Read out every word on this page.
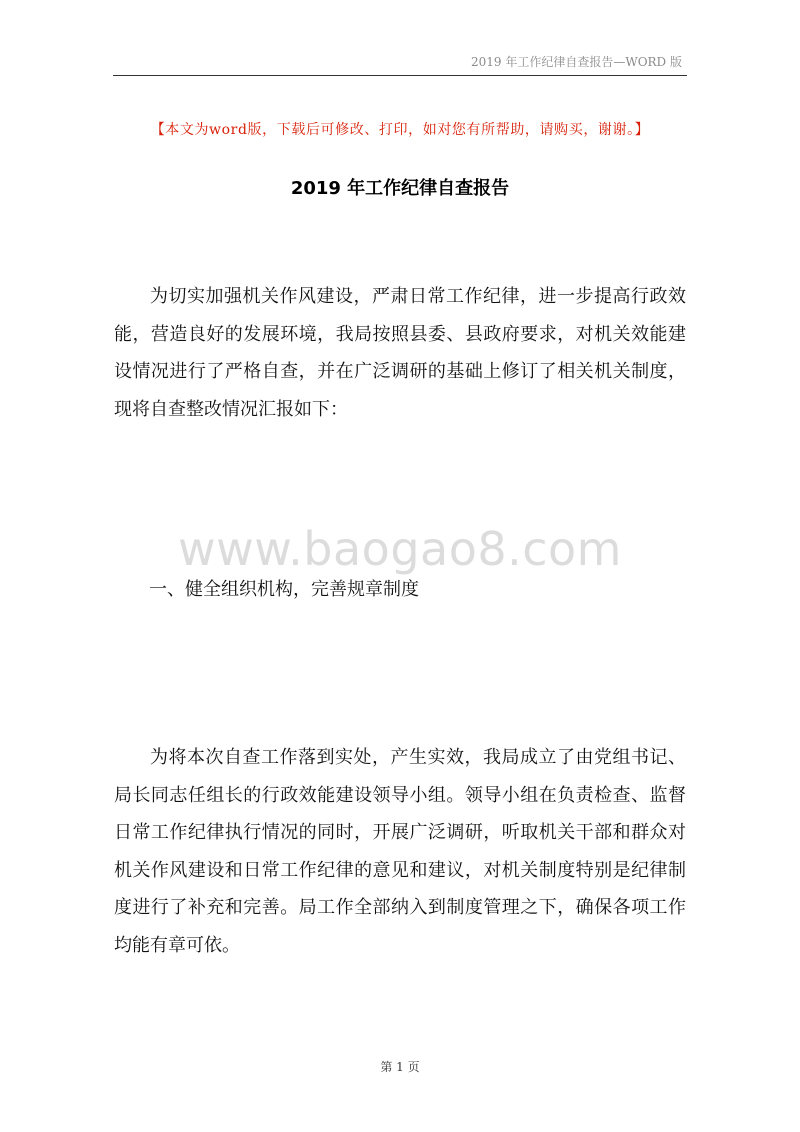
2019 年工作纪律自查报告—WORD 版
【本文为word版，下载后可修改、打印，如对您有所帮助，请购买，谢谢。】
2019 年工作纪律自查报告

为切实加强机关作风建设，严肃日常工作纪律，进一步提高行政效能，营造良好的发展环境，我局按照县委、县政府要求，对机关效能建设情况进行了严格自查，并在广泛调研的基础上修订了相关机关制度，现将自查整改情况汇报如下：

www.baogao8.com
一、健全组织机构，完善规章制度

为将本次自查工作落到实处，产生实效，我局成立了由党组书记、局长同志任组长的行政效能建设领导小组。领导小组在负责检查、监督日常工作纪律执行情况的同时，开展广泛调研，听取机关干部和群众对机关作风建设和日常工作纪律的意见和建议，对机关制度特别是纪律制度进行了补充和完善。局工作全部纳入到制度管理之下，确保各项工作均能有章可依。

第 1 页
